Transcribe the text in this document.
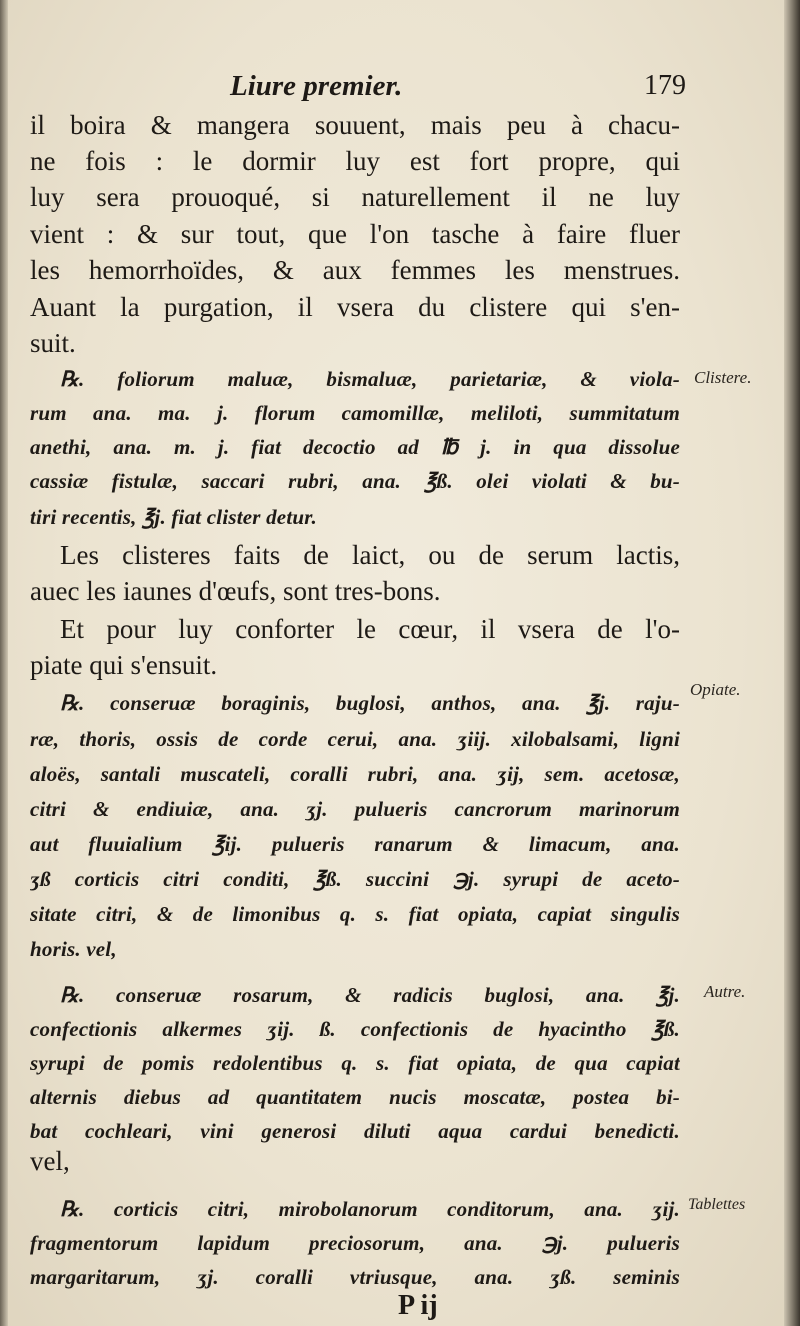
Liure premier.	179
il boira & mangera souuent, mais peu à chacu-
ne fois : le dormir luy est fort propre, qui
luy sera prouoqué, si naturellement il ne luy
vient : & sur tout, que l'on tasche à faire fluer
les hemorrhoïdes, & aux femmes les menstrues.
Auant la purgation, il vsera du clistere qui s'en-
suit.
℞. foliorum maluæ, bismaluæ, parietariæ, & viola-
rum ana. ma. j. florum camomillæ, meliloti, summitatum
anethi, ana. m. j. fiat decoctio ad ℔ j. in qua dissolue
cassiæ fistulæ, saccari rubri, ana. ℥ß. olei violati & bu-
tiri recentis, ℥j. fiat clister detur.
Les clisteres faits de laict, ou de serum lactis,
auec les iaunes d'œufs, sont tres-bons.
Et pour luy conforter le cœur, il vsera de l'o-
piate qui s'ensuit.
℞. conseruæ boraginis, buglosi, anthos, ana. ℥j. raju-
ræ, thoris, ossis de corde cerui, ana. ʒiij. xilobalsami, ligni
aloës, santali muscateli, coralli rubri, ana. ʒij, sem. acetosæ,
citri & endiuiæ, ana. ʒj. pulueris cancrorum marinorum
aut fluuialium ℥ij. pulueris ranarum & limacum, ana.
ʒß corticis citri conditi, ℥ß. succini ℈j. syrupi de aceto-
sitate citri, & de limonibus q. s. fiat opiata, capiat singulis
horis. vel,
℞. conseruæ rosarum, & radicis buglosi, ana. ℥j.
confectionis alkermes ʒij. ß. confectionis de hyacintho ℥ß.
syrupi de pomis redolentibus q. s. fiat opiata, de qua capiat
alternis diebus ad quantitatem nucis moscatæ, postea bi-
bat cochleari, vini generosi diluti aqua cardui benedicti.
vel,
℞. corticis citri, mirobolanorum conditorum, ana. ʒij.
fragmentorum lapidum preciosorum, ana. ℈j. pulueris
margaritarum, ʒj. coralli vtriusque, ana. ʒß. seminis
Clistere.
Opiate.
Autre.
Tablettes
P ij
